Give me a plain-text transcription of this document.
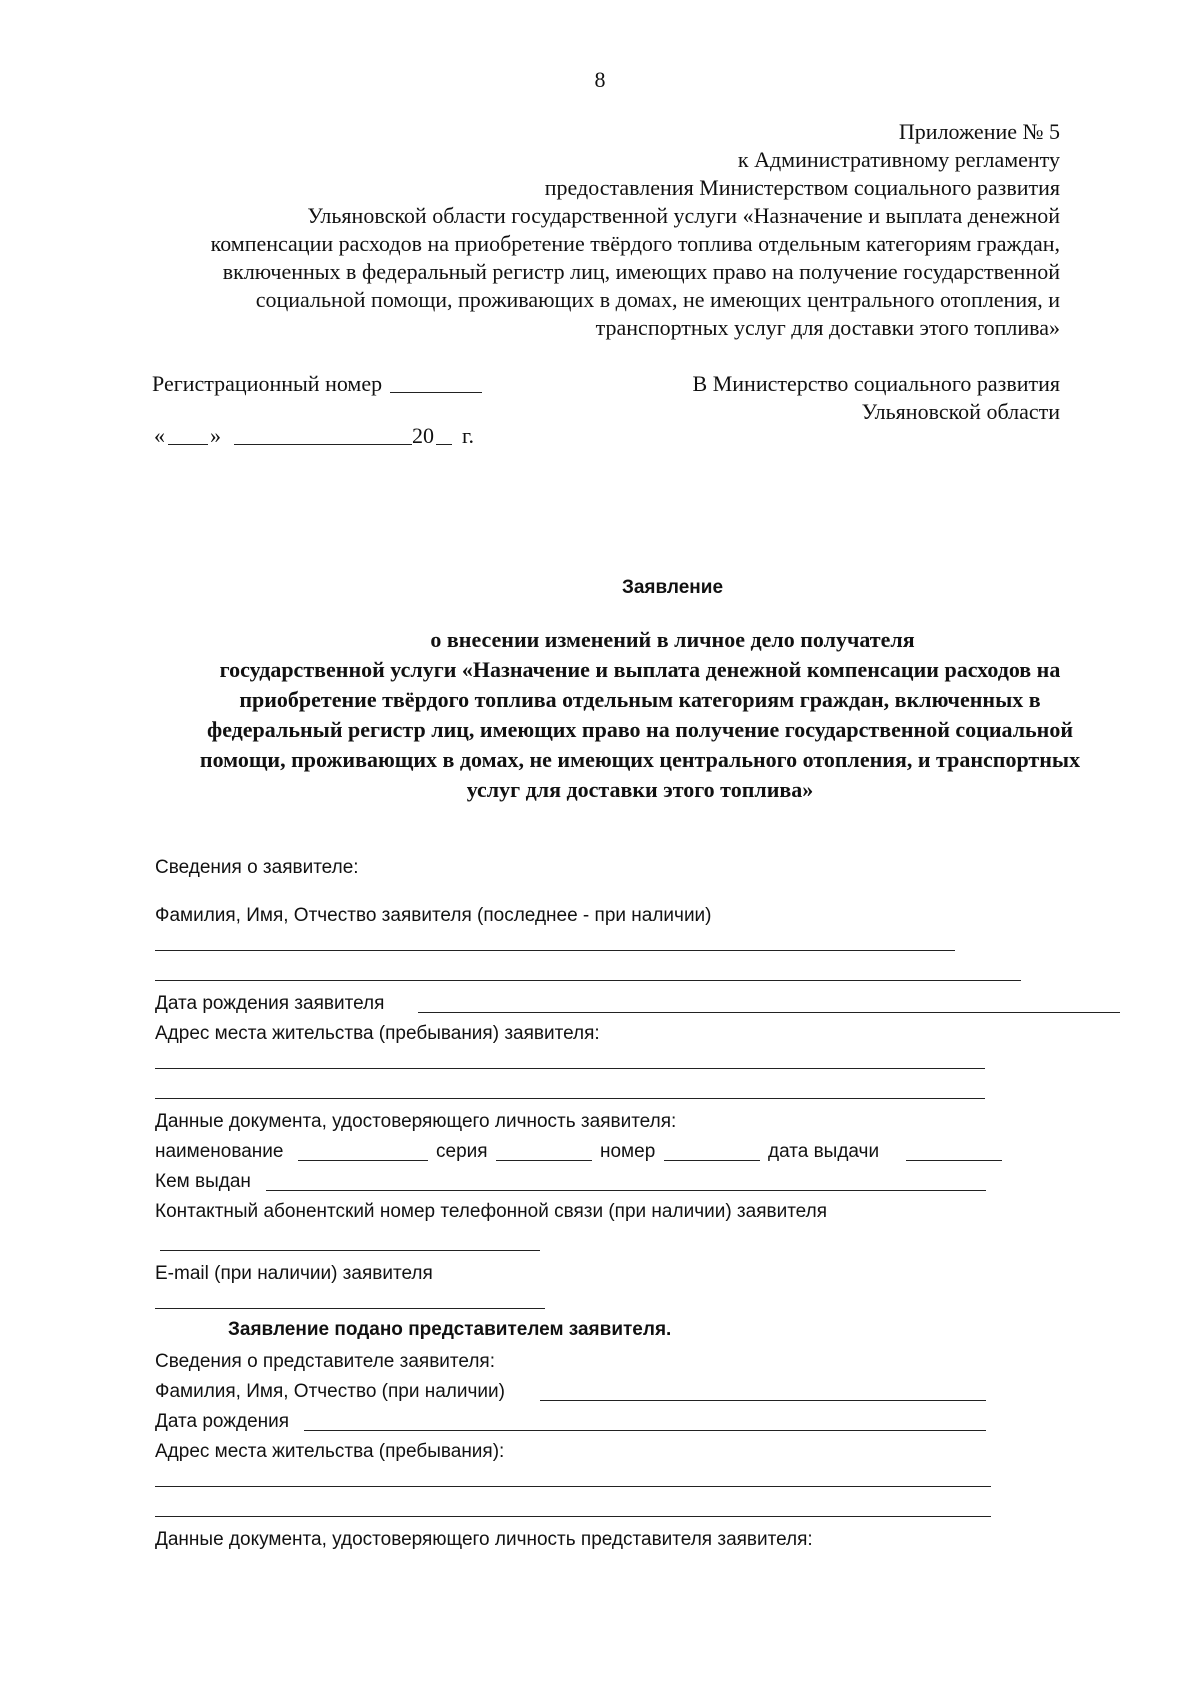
8

Приложение № 5

к Административному регламенту

предоставления Министерством социального развития

Ульяновской области государственной услуги «Назначение и выплата денежной

компенсации расходов на приобретение твёрдого топлива отдельным категориям граждан,

включенных в федеральный регистр лиц, имеющих право на получение государственной

социальной помощи, проживающих в домах, не имеющих центрального отопления, и

транспортных услуг для доставки этого топлива»

Регистрационный номер
« »	20 г.
В Министерство социального развития
Ульяновской области
Заявление
о внесении изменений в личное дело получателя
государственной услуги «Назначение и выплата денежной компенсации расходов на
приобретение твёрдого топлива отдельным категориям граждан, включенных в
федеральный регистр лиц, имеющих право на получение государственной социальной
помощи, проживающих в домах, не имеющих центрального отопления, и транспортных
услуг для доставки этого топлива»
Сведения о заявителе:
Фамилия, Имя, Отчество заявителя (последнее - при наличии)
Дата рождения заявителя
Адрес места жительства (пребывания) заявителя:
Данные документа, удостоверяющего личность заявителя:
наименование	серия	номер	дата выдачи
Кем выдан
Контактный абонентский номер телефонной связи (при наличии) заявителя
E-mail (при наличии) заявителя
Заявление подано представителем заявителя.
Сведения о представителе заявителя:
Фамилия, Имя, Отчество (при наличии)
Дата рождения
Адрес места жительства (пребывания):
Данные документа, удостоверяющего личность представителя заявителя:
